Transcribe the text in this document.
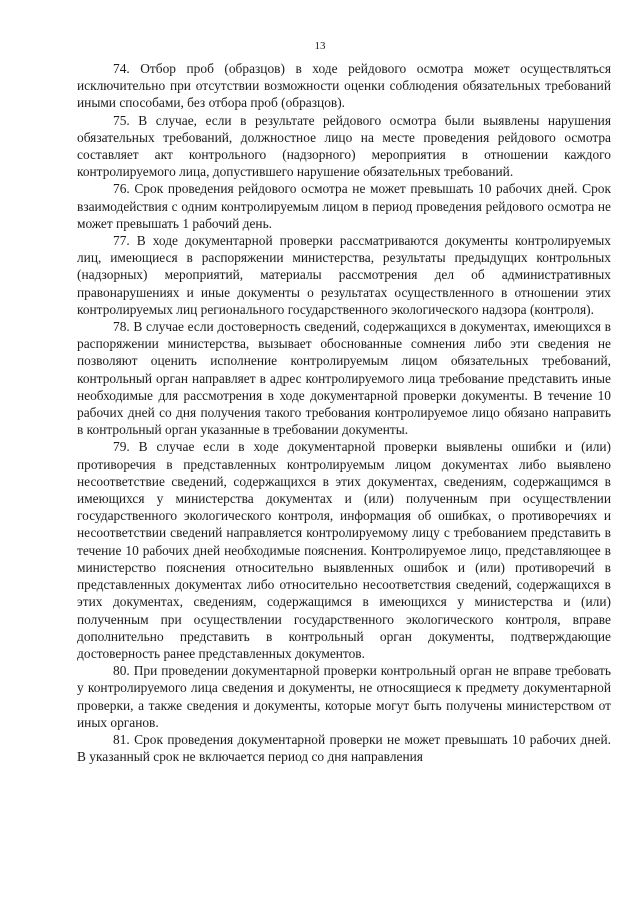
13

74. Отбор проб (образцов) в ходе рейдового осмотра может осуществляться исключительно при отсутствии возможности оценки соблюдения обязательных требований иными способами, без отбора проб (образцов).

75. В случае, если в результате рейдового осмотра были выявлены нарушения обязательных требований, должностное лицо на месте проведения рейдового осмотра составляет акт контрольного (надзорного) мероприятия в отношении каждого контролируемого лица, допустившего нарушение обязательных требований.

76. Срок проведения рейдового осмотра не может превышать 10 рабочих дней. Срок взаимодействия с одним контролируемым лицом в период проведения рейдового осмотра не может превышать 1 рабочий день.

77. В ходе документарной проверки рассматриваются документы контролируемых лиц, имеющиеся в распоряжении министерства, результаты предыдущих контрольных (надзорных) мероприятий, материалы рассмотрения дел об административных правонарушениях и иные документы о результатах осуществленного в отношении этих контролируемых лиц регионального государственного экологического надзора (контроля).

78. В случае если достоверность сведений, содержащихся в документах, имеющихся в распоряжении министерства, вызывает обоснованные сомнения либо эти сведения не позволяют оценить исполнение контролируемым лицом обязательных требований, контрольный орган направляет в адрес контролируемого лица требование представить иные необходимые для рассмотрения в ходе документарной проверки документы. В течение 10 рабочих дней со дня получения такого требования контролируемое лицо обязано направить в контрольный орган указанные в требовании документы.

79. В случае если в ходе документарной проверки выявлены ошибки и (или) противоречия в представленных контролируемым лицом документах либо выявлено несоответствие сведений, содержащихся в этих документах, сведениям, содержащимся в имеющихся у министерства документах и (или) полученным при осуществлении государственного экологического контроля, информация об ошибках, о противоречиях и несоответствии сведений направляется контролируемому лицу с требованием представить в течение 10 рабочих дней необходимые пояснения. Контролируемое лицо, представляющее в министерство пояснения относительно выявленных ошибок и (или) противоречий в представленных документах либо относительно несоответствия сведений, содержащихся в этих документах, сведениям, содержащимся в имеющихся у министерства и (или) полученным при осуществлении государственного экологического контроля, вправе дополнительно представить в контрольный орган документы, подтверждающие достоверность ранее представленных документов.

80. При проведении документарной проверки контрольный орган не вправе требовать у контролируемого лица сведения и документы, не относящиеся к предмету документарной проверки, а также сведения и документы, которые могут быть получены министерством от иных органов.

81. Срок проведения документарной проверки не может превышать 10 рабочих дней. В указанный срок не включается период со дня направления
